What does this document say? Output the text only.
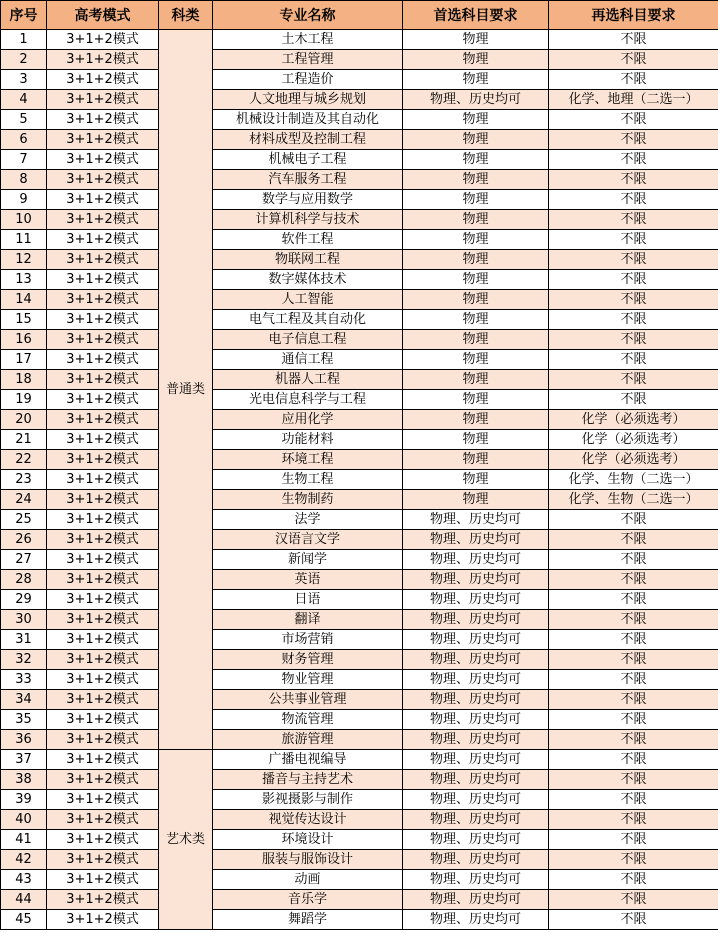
序号	高考模式	科类	专业名称	首选科目要求	再选科目要求
1	3+1+2模式	普通类	土木工程	物理	不限
2	3+1+2模式		工程管理	物理	不限
3	3+1+2模式		工程造价	物理	不限
4	3+1+2模式		人文地理与城乡规划	物理、历史均可	化学、地理（二选一）
5	3+1+2模式		机械设计制造及其自动化	物理	不限
6	3+1+2模式		材料成型及控制工程	物理	不限
7	3+1+2模式		机械电子工程	物理	不限
8	3+1+2模式		汽车服务工程	物理	不限
9	3+1+2模式		数学与应用数学	物理	不限
10	3+1+2模式		计算机科学与技术	物理	不限
11	3+1+2模式		软件工程	物理	不限
12	3+1+2模式		物联网工程	物理	不限
13	3+1+2模式		数字媒体技术	物理	不限
14	3+1+2模式		人工智能	物理	不限
15	3+1+2模式		电气工程及其自动化	物理	不限
16	3+1+2模式		电子信息工程	物理	不限
17	3+1+2模式		通信工程	物理	不限
18	3+1+2模式		机器人工程	物理	不限
19	3+1+2模式		光电信息科学与工程	物理	不限
20	3+1+2模式		应用化学	物理	化学（必须选考）
21	3+1+2模式		功能材料	物理	化学（必须选考）
22	3+1+2模式		环境工程	物理	化学（必须选考）
23	3+1+2模式		生物工程	物理	化学、生物（二选一）
24	3+1+2模式		生物制药	物理	化学、生物（二选一）
25	3+1+2模式		法学	物理、历史均可	不限
26	3+1+2模式		汉语言文学	物理、历史均可	不限
27	3+1+2模式		新闻学	物理、历史均可	不限
28	3+1+2模式		英语	物理、历史均可	不限
29	3+1+2模式		日语	物理、历史均可	不限
30	3+1+2模式		翻译	物理、历史均可	不限
31	3+1+2模式		市场营销	物理、历史均可	不限
32	3+1+2模式		财务管理	物理、历史均可	不限
33	3+1+2模式		物业管理	物理、历史均可	不限
34	3+1+2模式		公共事业管理	物理、历史均可	不限
35	3+1+2模式		物流管理	物理、历史均可	不限
36	3+1+2模式		旅游管理	物理、历史均可	不限
37	3+1+2模式	艺术类	广播电视编导	物理、历史均可	不限
38	3+1+2模式		播音与主持艺术	物理、历史均可	不限
39	3+1+2模式		影视摄影与制作	物理、历史均可	不限
40	3+1+2模式		视觉传达设计	物理、历史均可	不限
41	3+1+2模式		环境设计	物理、历史均可	不限
42	3+1+2模式		服装与服饰设计	物理、历史均可	不限
43	3+1+2模式		动画	物理、历史均可	不限
44	3+1+2模式		音乐学	物理、历史均可	不限
45	3+1+2模式		舞蹈学	物理、历史均可	不限
